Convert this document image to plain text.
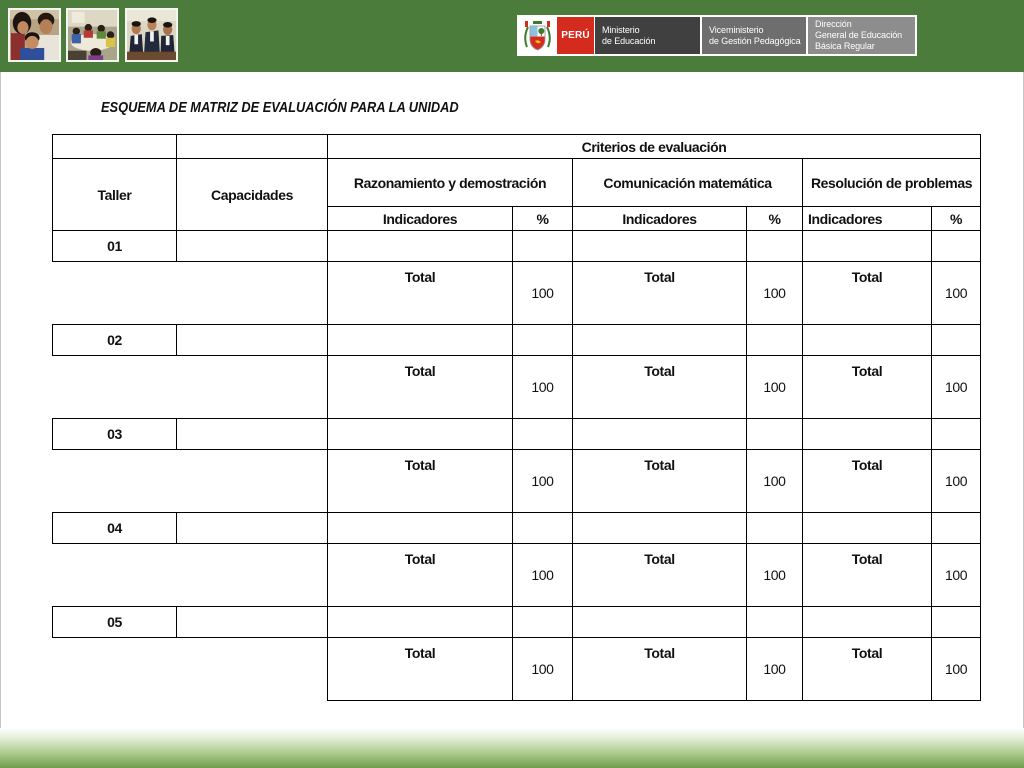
PERÚ
Ministerio
de Educación
Viceministerio
de Gestión Pedagógica
Dirección
General de Educación
Básica Regular
ESQUEMA DE MATRIZ DE EVALUACIÓN PARA LA UNIDAD
		Criterios de evaluación					
Taller	Capacidades	Razonamiento y demostración		Comunicación matemática		Resolución de problemas	
		Indicadores	%	Indicadores	%	Indicadores	%
01							
		Total	100	Total	100	Total	100
02							
		Total	100	Total	100	Total	100
03							
		Total	100	Total	100	Total	100
04							
		Total	100	Total	100	Total	100
05							
		Total	100	Total	100	Total	100
